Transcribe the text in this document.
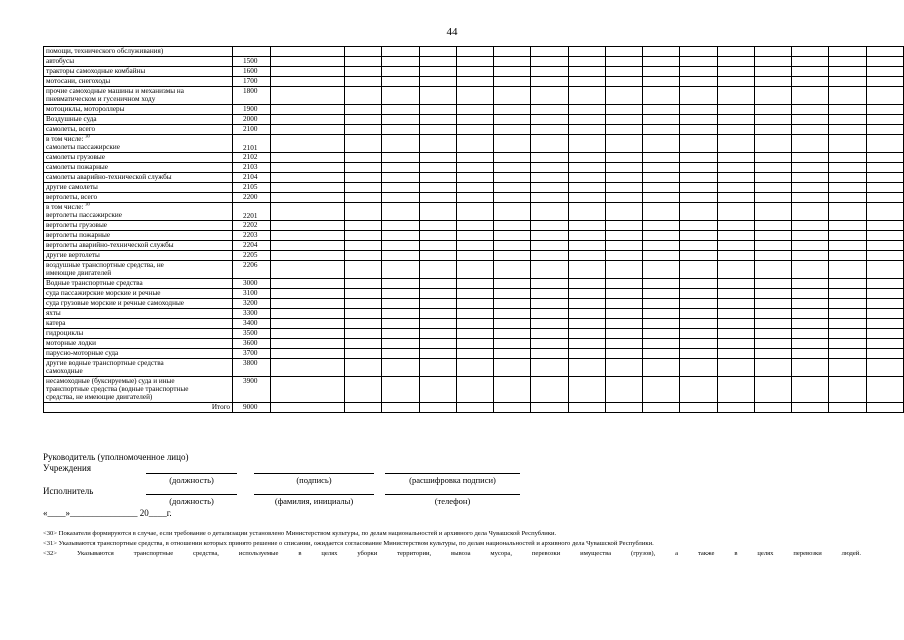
44
помощи, технического обслуживания)																	

автобусы	1500																

тракторы самоходные комбайны	1600																

мотосани, снегоходы	1700																

прочие самоходные машины и механизмы на
пневматическом и гусеничном ходу	1800																

мотоциклы, мотороллеры	1900																

Воздушные суда	2000																

самолеты, всего	2100																

в том числе: $^{30}$
самолеты пассажирские	2101																

самолеты грузовые	2102																

самолеты пожарные	2103																

самолеты аварийно-технической службы	2104																

другие самолеты	2105																

вертолеты, всего	2200																

в том числе: $^{30}$
вертолеты пассажирские	2201																

вертолеты грузовые	2202																

вертолеты пожарные	2203																

вертолеты аварийно-технической службы	2204																

другие вертолеты	2205																

воздушные транспортные средства, не
имеющие двигателей	2206																

Водные транспортные средства	3000																

суда пассажирские морские и речные	3100																

суда грузовые морские и речные самоходные	3200																

яхты	3300																

катера	3400																

гидроциклы	3500																

моторные лодки	3600																

парусно-моторные суда	3700																

другие водные транспортные средства
самоходные	3800																

несамоходные (буксируемые) суда и иные
транспортные средства (водные транспортные
средства, не имеющие двигателей)	3900																

Итого	9000																
Руководитель (уполномоченное лицо)
Учреждения
(должность)	(подпись)	(расшифровка подписи)
Исполнитель
(должность)	(фамилия, инициалы)	(телефон)
«____»_______________ 20____г.
<30> Показатели формируются в случае, если требование о детализации установлено Министерством культуры, по делам национальностей и архивного дела Чувашской Республики.
<31> Указываются транспортные средства, в отношении которых принято решение о списании, ожидается согласование Министерством культуры, по делам национальностей и архивного дела Чувашской Республики.
<32> Указываются транспортные средства, используемые в целях уборки территории, вывоза мусора, перевозки имущества (грузов), а также в целях перевозки людей.
